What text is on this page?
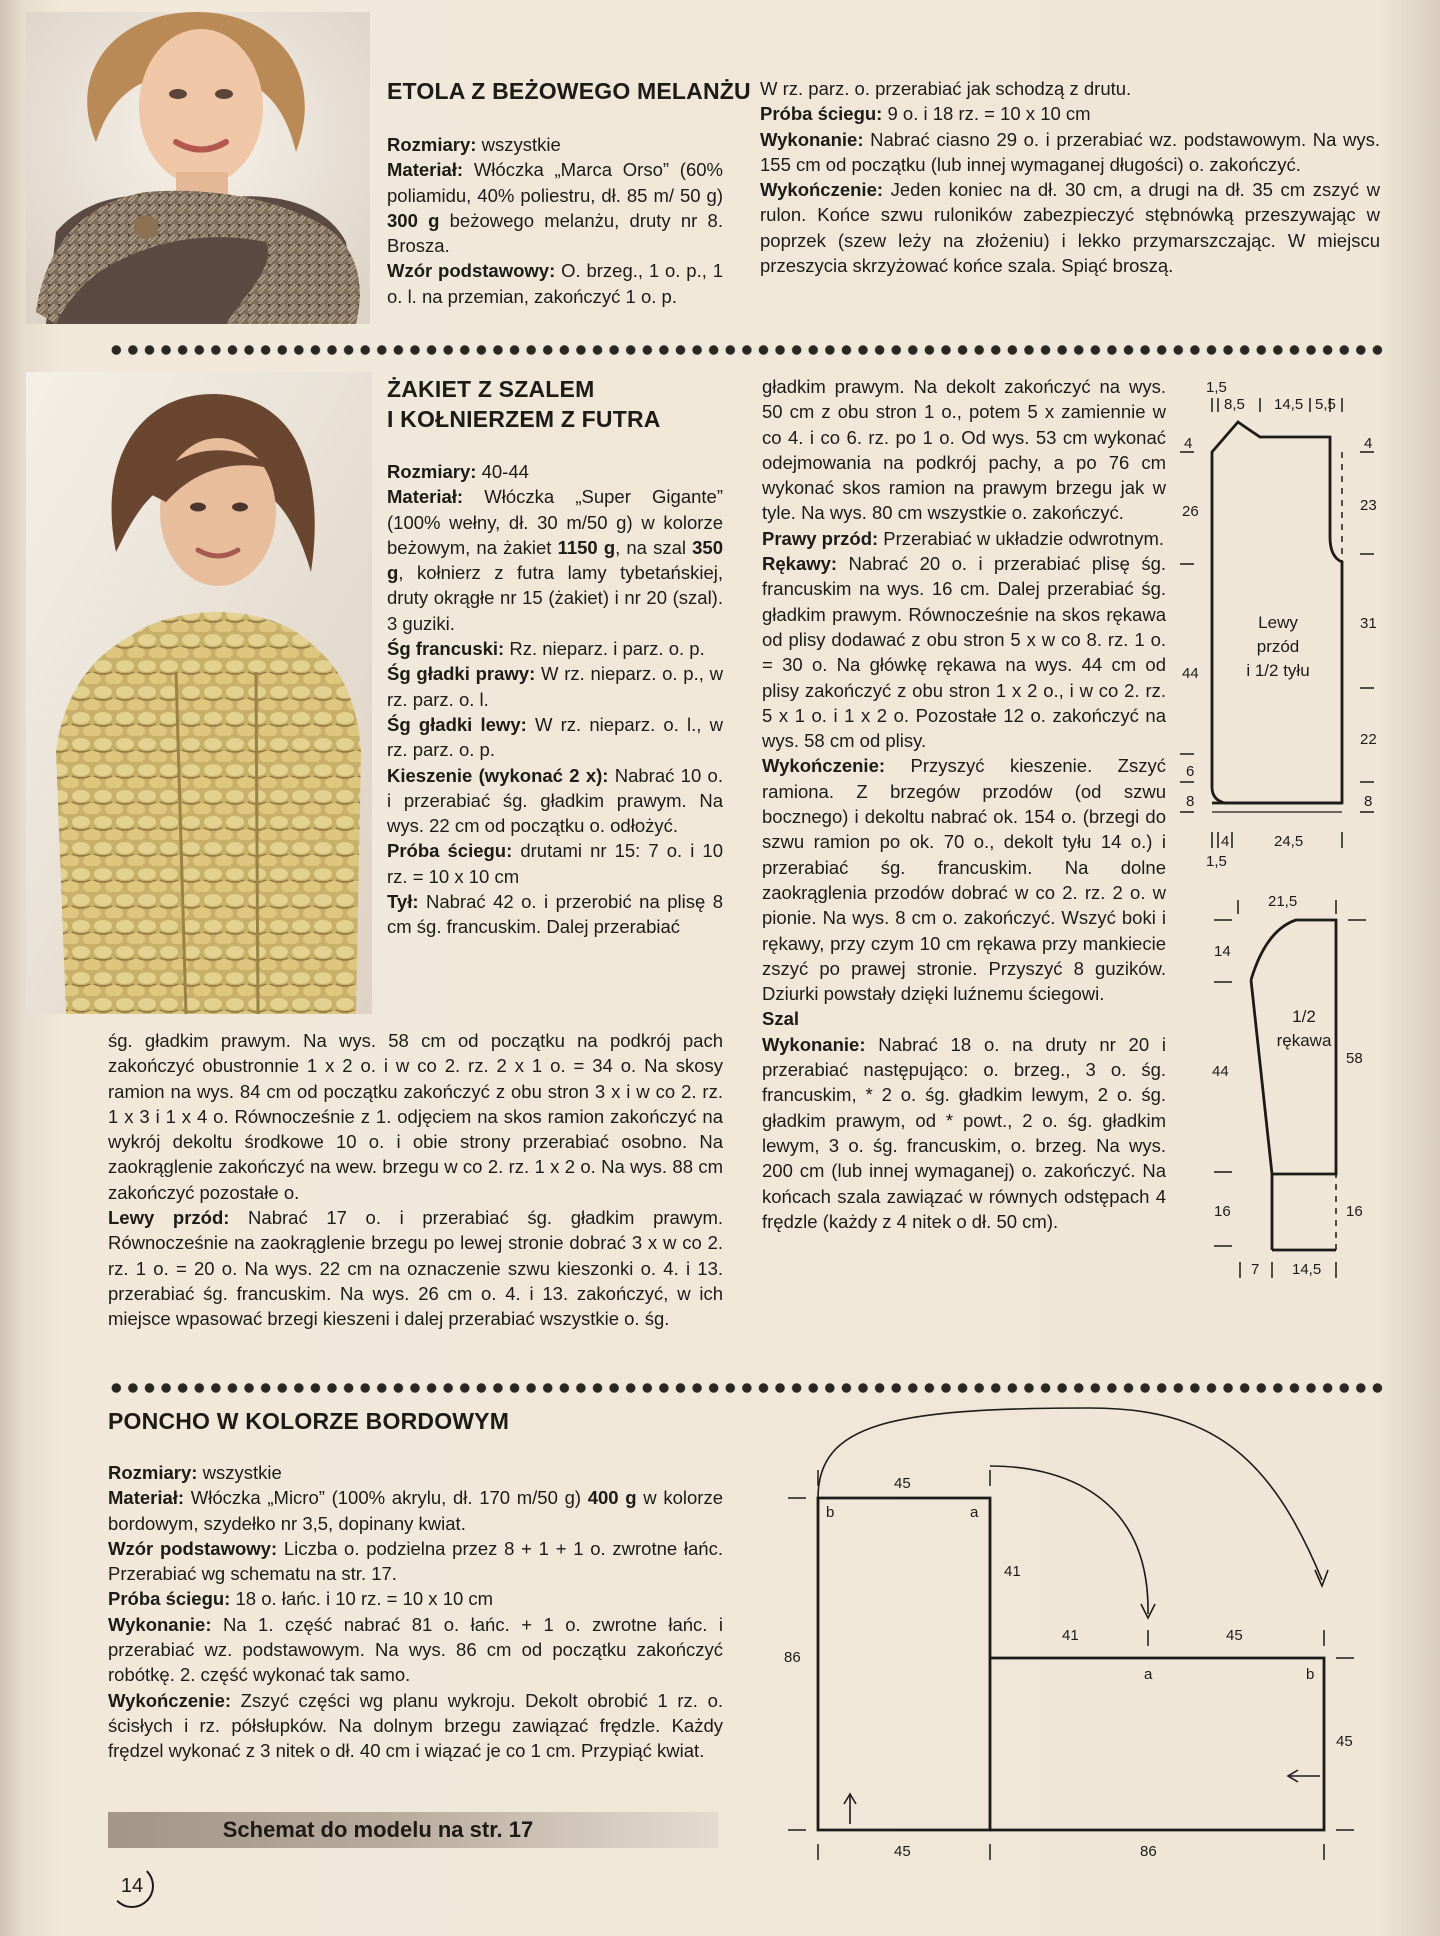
ETOLA Z BEŻOWEGO MELANŻU

Rozmiary: wszystkie

Materiał: Włóczka „Marca Orso” (60% poliamidu, 40% poliestru, dł. 85 m/ 50 g) 300 g beżowego melanżu, druty nr 8. Brosza.

Wzór podstawowy: O. brzeg., 1 o. p., 1 o. l. na przemian, zakończyć 1 o. p.

W rz. parz. o. przerabiać jak schodzą z drutu.

Próba ściegu: 9 o. i 18 rz. = 10 x 10 cm

Wykonanie: Nabrać ciasno 29 o. i przerabiać wz. podstawowym. Na wys. 155 cm od początku (lub innej wymaganej długości) o. zakończyć.

Wykończenie: Jeden koniec na dł. 30 cm, a drugi na dł. 35 cm zszyć w rulon. Końce szwu ruloników zabezpieczyć stębnówką przeszywając w poprzek (szew leży na złożeniu) i lekko przymarszczając. W miejscu przeszycia skrzyżować końce szala. Spiąć broszą.

ŻAKIET Z SZALEM
I KOŁNIERZEM Z FUTRA

Rozmiary: 40-44

Materiał: Włóczka „Super Gigante” (100% wełny, dł. 30 m/50 g) w kolorze beżowym, na żakiet 1150 g, na szal 350 g, kołnierz z futra lamy tybetańskiej, druty okrągłe nr 15 (żakiet) i nr 20 (szal). 3 guziki.

Śg francuski: Rz. nieparz. i parz. o. p.

Śg gładki prawy: W rz. nieparz. o. p., w rz. parz. o. l.

Śg gładki lewy: W rz. nieparz. o. l., w rz. parz. o. p.

Kieszenie (wykonać 2 x): Nabrać 10 o. i przerabiać śg. gładkim prawym. Na wys. 22 cm od początku o. odłożyć.

Próba ściegu: drutami nr 15: 7 o. i 10 rz. = 10 x 10 cm

Tył: Nabrać 42 o. i przerobić na plisę 8 cm śg. francuskim. Dalej przerabiać

śg. gładkim prawym. Na wys. 58 cm od początku na podkrój pach zakończyć obustronnie 1 x 2 o. i w co 2. rz. 2 x 1 o. = 34 o. Na skosy ramion na wys. 84 cm od początku zakończyć z obu stron 3 x i w co 2. rz. 1 x 3 i 1 x 4 o. Równocześnie z 1. odjęciem na skos ramion zakończyć na wykrój dekoltu środkowe 10 o. i obie strony przerabiać osobno. Na zaokrąglenie zakończyć na wew. brzegu w co 2. rz. 1 x 2 o. Na wys. 88 cm zakończyć pozostałe o.

Lewy przód: Nabrać 17 o. i przerabiać śg. gładkim prawym. Równocześnie na zaokrąglenie brzegu po lewej stronie dobrać 3 x w co 2. rz. 1 o. = 20 o. Na wys. 22 cm na oznaczenie szwu kieszonki o. 4. i 13. przerabiać śg. francuskim. Na wys. 26 cm o. 4. i 13. zakończyć, w ich miejsce wpasować brzegi kieszeni i dalej przerabiać wszystkie o. śg.

gładkim prawym. Na dekolt zakończyć na wys. 50 cm z obu stron 1 o., potem 5 x zamiennie w co 4. i co 6. rz. po 1 o. Od wys. 53 cm wykonać odejmowania na podkrój pachy, a po 76 cm wykonać skos ramion na prawym brzegu jak w tyle. Na wys. 80 cm wszystkie o. zakończyć.

Prawy przód: Przerabiać w układzie odwrotnym.

Rękawy: Nabrać 20 o. i przerabiać plisę śg. francuskim na wys. 16 cm. Dalej przerabiać śg. gładkim prawym. Równocześnie na skos rękawa od plisy dodawać z obu stron 5 x w co 8. rz. 1 o. = 30 o. Na główkę rękawa na wys. 44 cm od plisy zakończyć z obu stron 1 x 2 o., i w co 2. rz. 5 x 1 o. i 1 x 2 o. Pozostałe 12 o. zakończyć na wys. 58 cm od plisy.

Wykończenie: Przyszyć kieszenie. Zszyć ramiona. Z brzegów przodów (od szwu bocznego) i dekoltu nabrać ok. 154 o. (brzegi do szwu ramion po ok. 70 o., dekolt tyłu 14 o.) i przerabiać śg. francuskim. Na dolne zaokrąglenia przodów dobrać w co 2. rz. 2 o. w pionie. Na wys. 8 cm o. zakończyć. Wszyć boki i rękawy, przy czym 10 cm rękawa przy mankiecie zszyć po prawej stronie. Przyszyć 8 guzików. Dziurki powstały dzięki luźnemu ściegowi.

Szal

Wykonanie: Nabrać 18 o. na druty nr 20 i przerabiać następująco: o. brzeg., 3 o. śg. francuskim, * 2 o. śg. gładkim lewym, 2 o. śg. gładkim prawym, od * powt., 2 o. śg. gładkim lewym, 3 o. śg. francuskim, o. brzeg. Na wys. 200 cm (lub innej wymaganej) o. zakończyć. Na końcach szala zawiązać w równych odstępach 4 frędzle (każdy z 4 nitek o dł. 50 cm).

Lewy
przód
i 1/2 tyłu
1,5
8,5 14,5 5,5
4	4
26	23
31
44
22
6
8	8
4	24,5
1,5
1/2
rękawa
21,5
14
44
58
16	16
7 14,5
PONCHO W KOLORZE BORDOWYM

Rozmiary: wszystkie

Materiał: Włóczka „Micro” (100% akrylu, dł. 170 m/50 g) 400 g w kolorze bordowym, szydełko nr 3,5, dopinany kwiat.

Wzór podstawowy: Liczba o. podzielna przez 8 + 1 + 1 o. zwrotne łańc. Przerabiać wg schematu na str. 17.

Próba ściegu: 18 o. łańc. i 10 rz. = 10 x 10 cm

Wykonanie: Na 1. część nabrać 81 o. łańc. + 1 o. zwrotne łańc. i przerabiać wz. podstawowym. Na wys. 86 cm od początku zakończyć robótkę. 2. część wykonać tak samo.

Wykończenie: Zszyć części wg planu wykroju. Dekolt obrobić 1 rz. o. ścisłych i rz. półsłupków. Na dolnym brzegu zawiązać frędzle. Każdy frędzel wykonać z 3 nitek o dł. 40 cm i wiązać je co 1 cm. Przypiąć kwiat.

Schemat do modelu na str. 17
45
41
86
41	45
45
45	86
b	a
a	b
14
